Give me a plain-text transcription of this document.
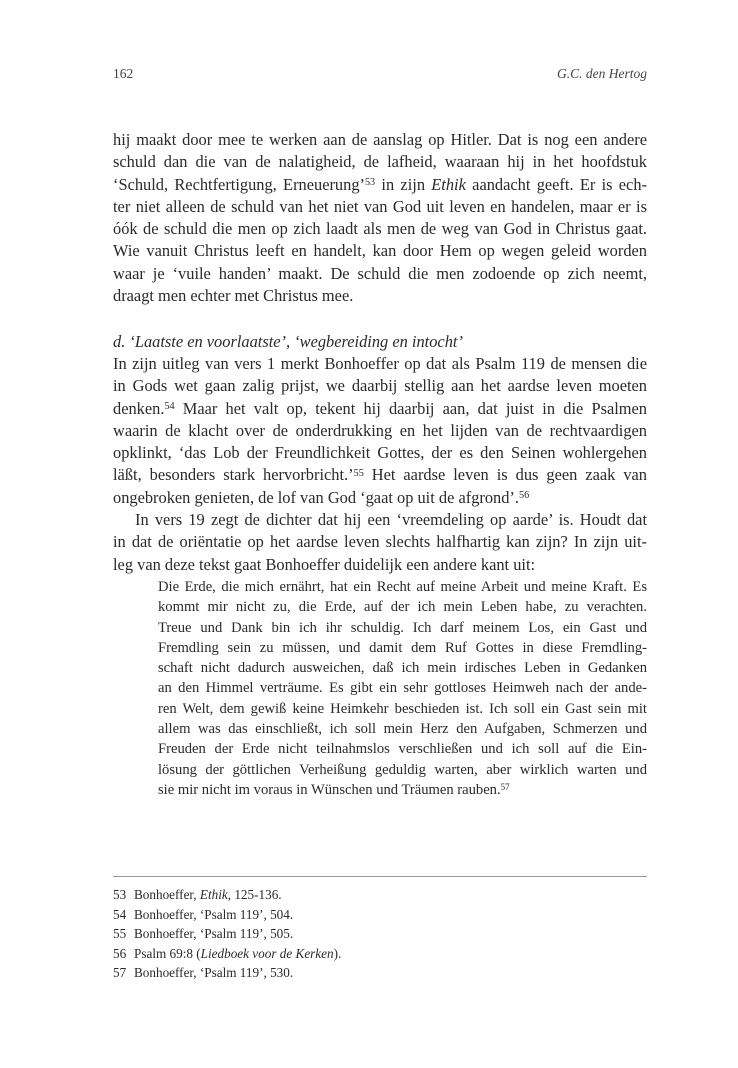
162	G.C. den Hertog
hij maakt door mee te werken aan de aanslag op Hitler. Dat is nog een andere
schuld dan die van de nalatigheid, de lafheid, waaraan hij in het hoofdstuk
‘Schuld, Rechtfertigung, Erneuerung’$^{53}$ in zijn Ethik aandacht geeft. Er is ech-
ter niet alleen de schuld van het niet van God uit leven en handelen, maar er is
óók de schuld die men op zich laadt als men de weg van God in Christus gaat.
Wie vanuit Christus leeft en handelt, kan door Hem op wegen geleid worden
waar je ‘vuile handen’ maakt. De schuld die men zodoende op zich neemt,
draagt men echter met Christus mee.
d. ‘Laatste en voorlaatste’, ‘wegbereiding en intocht’
In zijn uitleg van vers 1 merkt Bonhoeffer op dat als Psalm 119 de mensen die
in Gods wet gaan zalig prijst, we daarbij stellig aan het aardse leven moeten
denken.$^{54}$ Maar het valt op, tekent hij daarbij aan, dat juist in die Psalmen
waarin de klacht over de onderdrukking en het lijden van de rechtvaardigen
opklinkt, ‘das Lob der Freundlichkeit Gottes, der es den Seinen wohlergehen
läßt, besonders stark hervorbricht.’$^{55}$ Het aardse leven is dus geen zaak van
ongebroken genieten, de lof van God ‘gaat op uit de afgrond’.$^{56}$
In vers 19 zegt de dichter dat hij een ‘vreemdeling op aarde’ is. Houdt dat
in dat de oriëntatie op het aardse leven slechts halfhartig kan zijn? In zijn uit-
leg van deze tekst gaat Bonhoeffer duidelijk een andere kant uit:
Die Erde, die mich ernährt, hat ein Recht auf meine Arbeit und meine Kraft. Es
kommt mir nicht zu, die Erde, auf der ich mein Leben habe, zu verachten.
Treue und Dank bin ich ihr schuldig. Ich darf meinem Los, ein Gast und
Fremdling sein zu müssen, und damit dem Ruf Gottes in diese Fremdling-
schaft nicht dadurch ausweichen, daß ich mein irdisches Leben in Gedanken
an den Himmel verträume. Es gibt ein sehr gottloses Heimweh nach der ande-
ren Welt, dem gewiß keine Heimkehr beschieden ist. Ich soll ein Gast sein mit
allem was das einschließt, ich soll mein Herz den Aufgaben, Schmerzen und
Freuden der Erde nicht teilnahmslos verschließen und ich soll auf die Ein-
lösung der göttlichen Verheißung geduldig warten, aber wirklich warten und
sie mir nicht im voraus in Wünschen und Träumen rauben.$^{57}$
53 Bonhoeffer, Ethik, 125-136.
54 Bonhoeffer, ‘Psalm 119’, 504.
55 Bonhoeffer, ‘Psalm 119’, 505.
56 Psalm 69:8 (Liedboek voor de Kerken).
57 Bonhoeffer, ‘Psalm 119’, 530.
